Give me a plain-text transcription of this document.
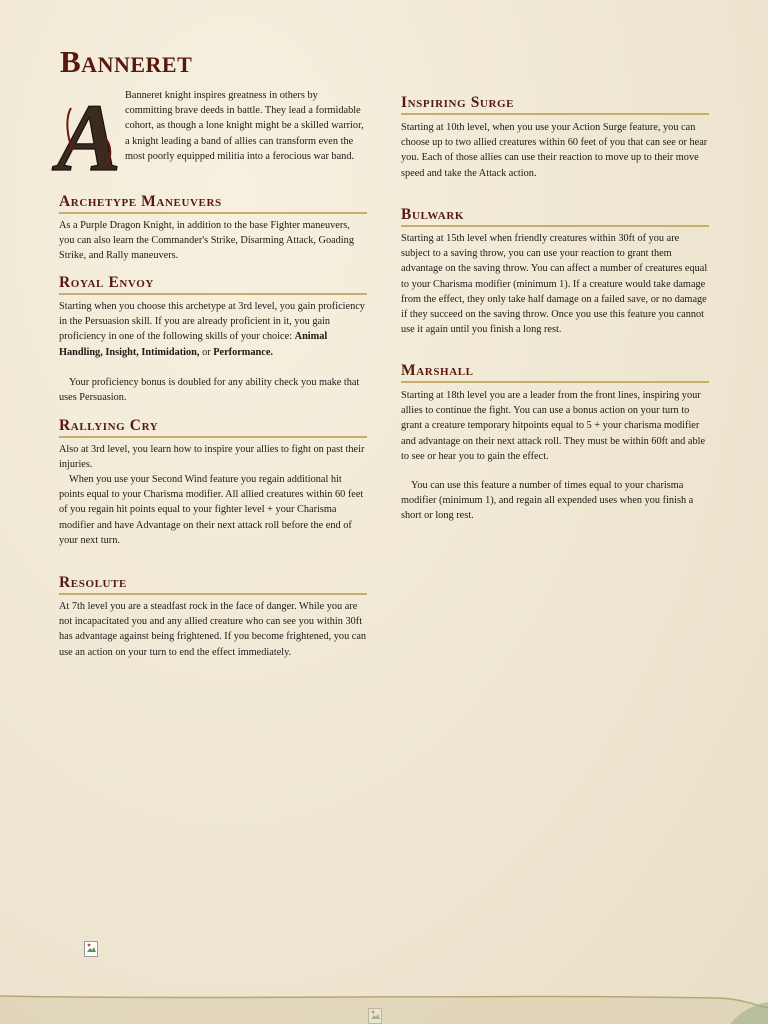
Banneret
A Banneret knight inspires greatness in others by committing brave deeds in battle. They lead a formidable cohort, as though a lone knight might be a skilled warrior, a knight leading a band of allies can transform even the most poorly equipped militia into a ferocious war band.

Archetype Maneuvers

As a Purple Dragon Knight, in addition to the base Fighter maneuvers, you can also learn the Commander's Strike, Disarming Attack, Goading Strike, and Rally maneuvers.

Royal Envoy

Starting when you choose this archetype at 3rd level, you gain proficiency in the Persuasion skill. If you are already proficient in it, you gain proficiency in one of the following skills of your choice: Animal Handling, Insight, Intimidation, or Performance.

Your proficiency bonus is doubled for any ability check you make that uses Persuasion.

Rallying Cry

Also at 3rd level, you learn how to inspire your allies to fight on past their injuries.

When you use your Second Wind feature you regain additional hit points equal to your Charisma modifier. All allied creatures within 60 feet of you regain hit points equal to your fighter level + your Charisma modifier and have Advantage on their next attack roll before the end of your next turn.

Resolute

At 7th level you are a steadfast rock in the face of danger. While you are not incapacitated you and any allied creature who can see you within 30ft has advantage against being frightened. If you become frightened, you can use an action on your turn to end the effect immediately.

Inspiring Surge

Starting at 10th level, when you use your Action Surge feature, you can choose up to two allied creatures within 60 feet of you that can see or hear you. Each of those allies can use their reaction to move up to their move speed and take the Attack action.

Bulwark

Starting at 15th level when friendly creatures within 30ft of you are subject to a saving throw, you can use your reaction to grant them advantage on the saving throw. You can affect a number of creatures equal to your Charisma modifier (minimum 1). If a creature would take damage from the effect, they only take half damage on a failed save, or no damage if they succeed on the saving throw. Once you use this feature you cannot use it again until you finish a long rest.

Marshall

Starting at 18th level you are a leader from the front lines, inspiring your allies to continue the fight. You can use a bonus action on your turn to grant a creature temporary hitpoints equal to 5 + your charisma modifier and advantage on their next attack roll. They must be within 60ft and able to see or hear you to gain the effect.

You can use this feature a number of times equal to your charisma modifier (minimum 1), and regain all expended uses when you finish a short or long rest.
